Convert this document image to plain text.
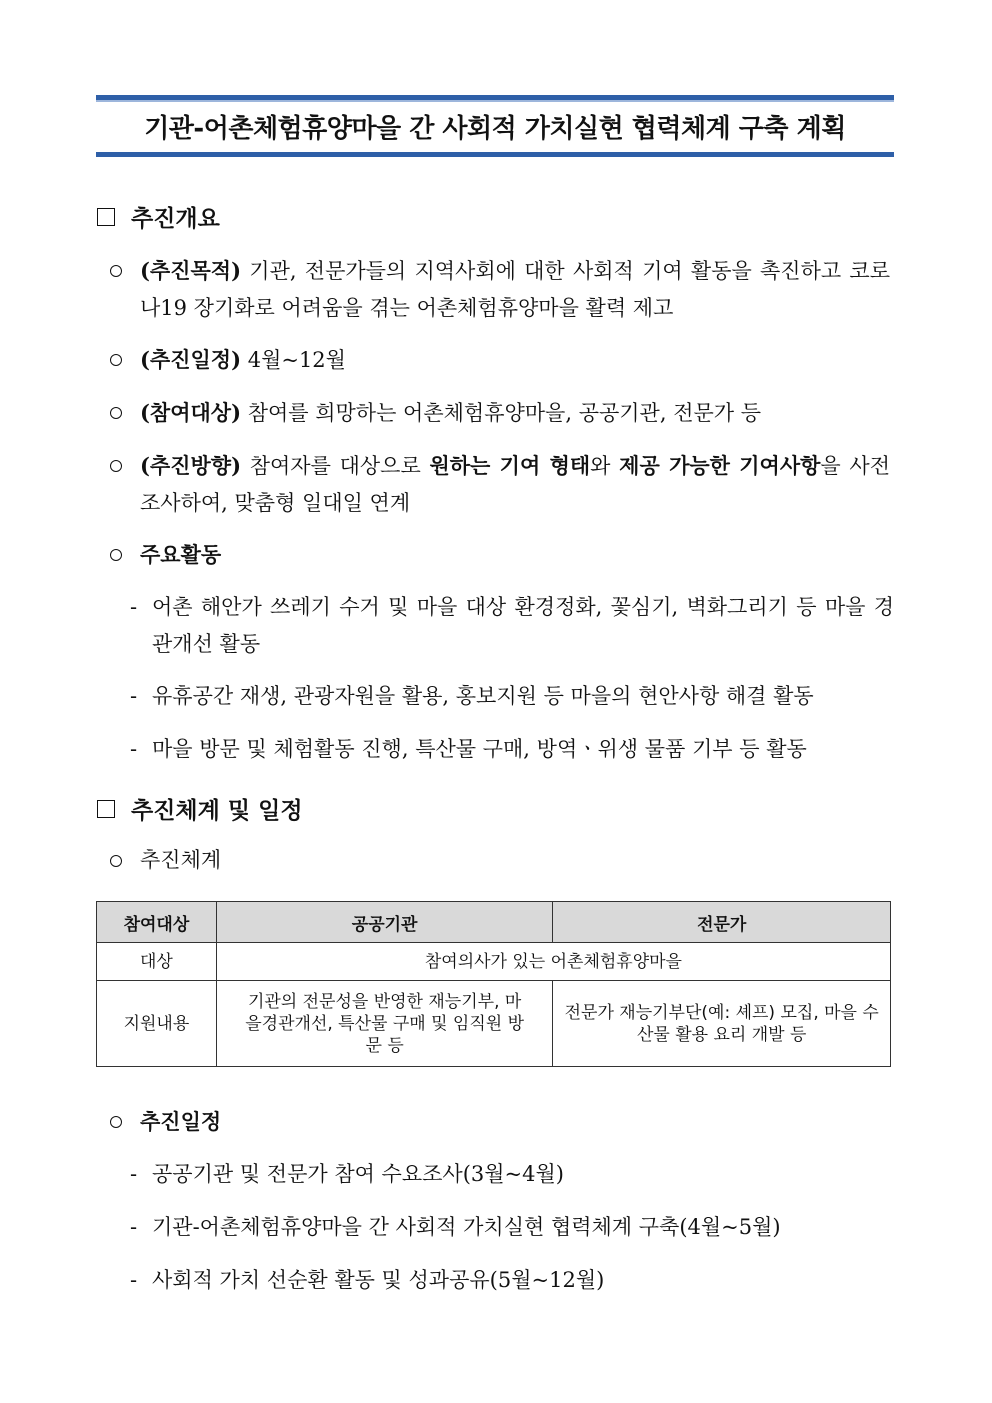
기관-어촌체험휴양마을 간 사회적 가치실현 협력체계 구축 계획
추진개요
(추진목적) 기관, 전문가들의 지역사회에 대한 사회적 기여 활동을 촉진하고 코로나19 장기화로 어려움을 겪는 어촌체험휴양마을 활력 제고
(추진일정) 4월~12월
(참여대상) 참여를 희망하는 어촌체험휴양마을, 공공기관, 전문가 등
(추진방향) 참여자를 대상으로 원하는 기여 형태와 제공 가능한 기여사항을 사전 조사하여, 맞춤형 일대일 연계
주요활동
- 어촌 해안가 쓰레기 수거 및 마을 대상 환경정화, 꽃심기, 벽화그리기 등 마을 경관개선 활동
- 유휴공간 재생, 관광자원을 활용, 홍보지원 등 마을의 현안사항 해결 활동
- 마을 방문 및 체험활동 진행, 특산물 구매, 방역ㆍ위생 물품 기부 등 활동
추진체계 및 일정
추진체계
참여대상	공공기관	전문가
대상	참여의사가 있는 어촌체험휴양마을	
지원내용	기관의 전문성을 반영한 재능기부, 마을경관개선, 특산물 구매 및 임직원 방문 등	전문가 재능기부단(예: 셰프) 모집, 마을 수산물 활용 요리 개발 등
추진일정
- 공공기관 및 전문가 참여 수요조사(3월~4월)
- 기관-어촌체험휴양마을 간 사회적 가치실현 협력체계 구축(4월~5월)
- 사회적 가치 선순환 활동 및 성과공유(5월~12월)
